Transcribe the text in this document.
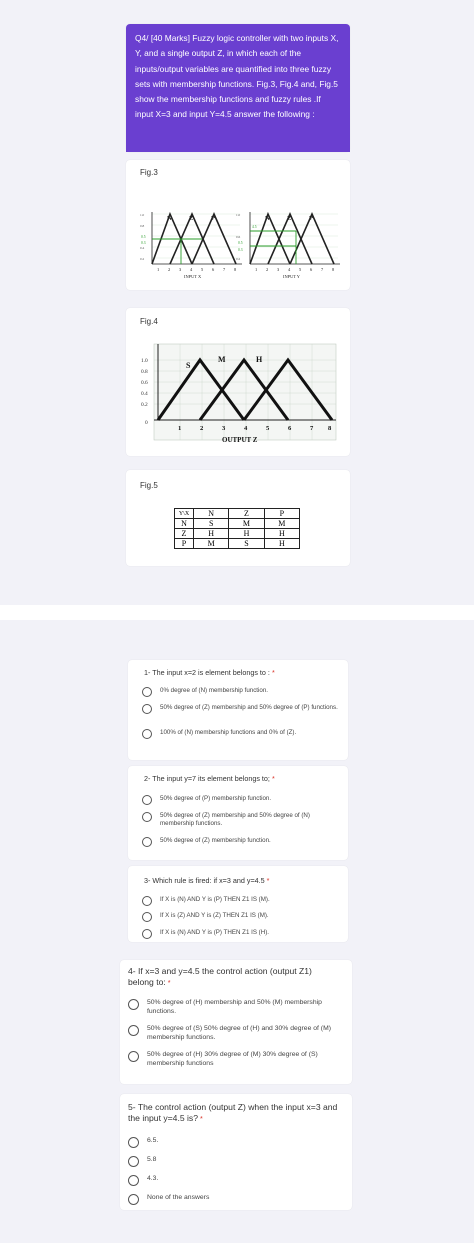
Q4/ [40 Marks] Fuzzy logic controller with two inputs X, Y, and a single output Z, in which each of the inputs/output variables are quantified into three fuzzy sets with membership functions. Fig.3, Fig.4 and, Fig.5 show the membership functions and fuzzy rules .If input X=3 and input Y=4.5 answer the following :
Fig.3
N	Z	P
1.0
0.8
0.5
0.3
0.4
0.2
1 2 3 4 5 6 7 8
INPUT X
N	Z	P
1.0
4.5
0.6
0.5
0.3
0.2
1 2 3 4 5 6 7 8
INPUT Y
Fig.4
S
M	H
1.0
0.8
0.6
0.4
0.2
0
1	2	3	4	5	6	7 8
OUTPUT Z
Fig.5
Y\X	N	Z	P
N	S	M	M
Z	H	H	H
P	M	S	H
1- The input x=2 is element belongs to : *
0% degree of (N) membership function.
50% degree of (Z) membership and 50% degree of (P) functions.
100% of (N) membership functions and 0% of (Z).
2- The input y=7 its element belongs to; *
50% degree of (P) membership function.
50% degree of (Z) membership and 50% degree of (N) membership functions.
50% degree of (Z) membership function.
3- Which rule is fired: if x=3 and y=4.5 *
If X is (N) AND Y is (P) THEN Z1 IS (M).
If X is (Z) AND Y is (Z) THEN Z1 IS (M).
If X is (N) AND Y is (P) THEN Z1 IS (H).
4- If x=3 and y=4.5 the control action (output Z1) belong to: *
50% degree of (H) membership and 50% (M) membership functions.
50% degree of (S) 50% degree of (H) and 30% degree of (M) membership functions.
50% degree of (H) 30% degree of (M) 30% degree of (S) membership functions
5- The control action (output Z) when the input x=3 and the input y=4.5 is? *
6.5.
5.8
4.3.
None of the answers
